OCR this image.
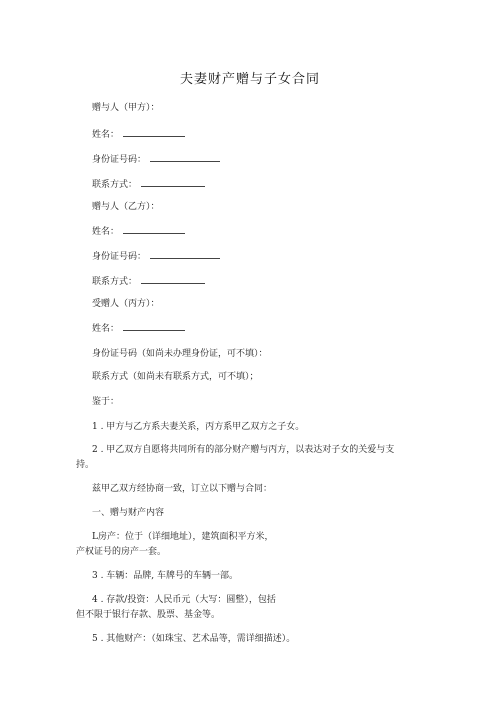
夫妻财产赠与子女合同
赠与人（甲方）：
姓名：
身份证号码：
联系方式：
赠与人（乙方）：
姓名：
身份证号码：
联系方式：
受赠人（丙方）：
姓名：
身份证号码（如尚未办理身份证，可不填）：
联系方式（如尚未有联系方式，可不填）；
鉴于：
1 . 甲方与乙方系夫妻关系，丙方系甲乙双方之子女。
2 . 甲乙双方自愿将共同所有的部分财产赠与丙方，以表达对子女的关爱与支
持。
兹甲乙双方经协商一致，订立以下赠与合同：
一、赠与财产内容
L房产：位于（详细地址），建筑面积平方米，
产权证号的房产一套。
3 . 车辆：品牌, 车牌号的车辆一部。
4 . 存款/投资：人民币元（大写：圆整），包括
但不限于银行存款、股票、基金等。
5 . 其他财产：（如珠宝、艺术品等，需详细描述）。
